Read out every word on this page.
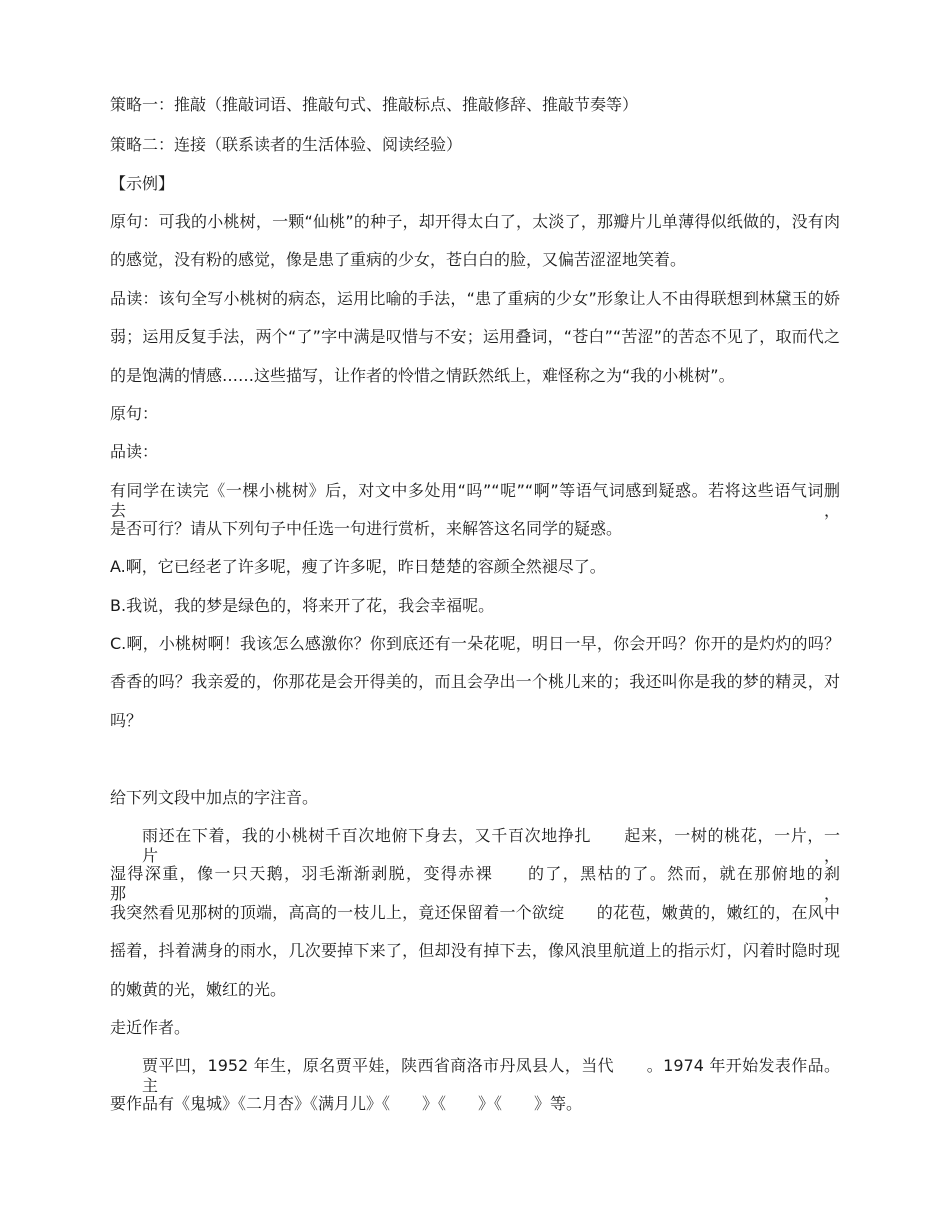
策略一：推敲（推敲词语、推敲句式、推敲标点、推敲修辞、推敲节奏等）
策略二：连接（联系读者的生活体验、阅读经验）
【示例】
原句：可我的小桃树，一颗“仙桃”的种子，却开得太白了，太淡了，那瓣片儿单薄得似纸做的，没有肉
的感觉，没有粉的感觉，像是患了重病的少女，苍白白的脸，又偏苦涩涩地笑着。
品读：该句全写小桃树的病态，运用比喻的手法，“患了重病的少女”形象让人不由得联想到林黛玉的娇
弱；运用反复手法，两个“了”字中满是叹惜与不安；运用叠词，“苍白”“苦涩”的苦态不见了，取而代之
的是饱满的情感……这些描写，让作者的怜惜之情跃然纸上，难怪称之为“我的小桃树”。
原句：
品读：
有同学在读完《一棵小桃树》后，对文中多处用“吗”“呢”“啊”等语气词感到疑惑。若将这些语气词删去，
是否可行？请从下列句子中任选一句进行赏析，来解答这名同学的疑惑。
A.啊，它已经老了许多呢，瘦了许多呢，昨日楚楚的容颜全然褪尽了。
B.我说，我的梦是绿色的，将来开了花，我会幸福呢。
C.啊，小桃树啊！我该怎么感激你？你到底还有一朵花呢，明日一早，你会开吗？你开的是灼灼的吗？
香香的吗？我亲爱的，你那花是会开得美的，而且会孕出一个桃儿来的；我还叫你是我的梦的精灵，对
吗？
给下列文段中加点的字注音。
雨还在下着，我的小桃树千百次地俯下身去，又千百次地挣扎　　起来，一树的桃花，一片，一片，
湿得深重，像一只天鹅，羽毛渐渐剥脱，变得赤裸　　的了，黑枯的了。然而，就在那俯地的刹那　　，
我突然看见那树的顶端，高高的一枝儿上，竟还保留着一个欲绽　　的花苞，嫩黄的，嫩红的，在风中
摇着，抖着满身的雨水，几次要掉下来了，但却没有掉下去，像风浪里航道上的指示灯，闪着时隐时现
的嫩黄的光，嫩红的光。
走近作者。
贾平凹，1952 年生，原名贾平娃，陕西省商洛市丹凤县人，当代　　。1974 年开始发表作品。主
要作品有《鬼城》《二月杏》《满月儿》《　　》《　　》《　　》等。
